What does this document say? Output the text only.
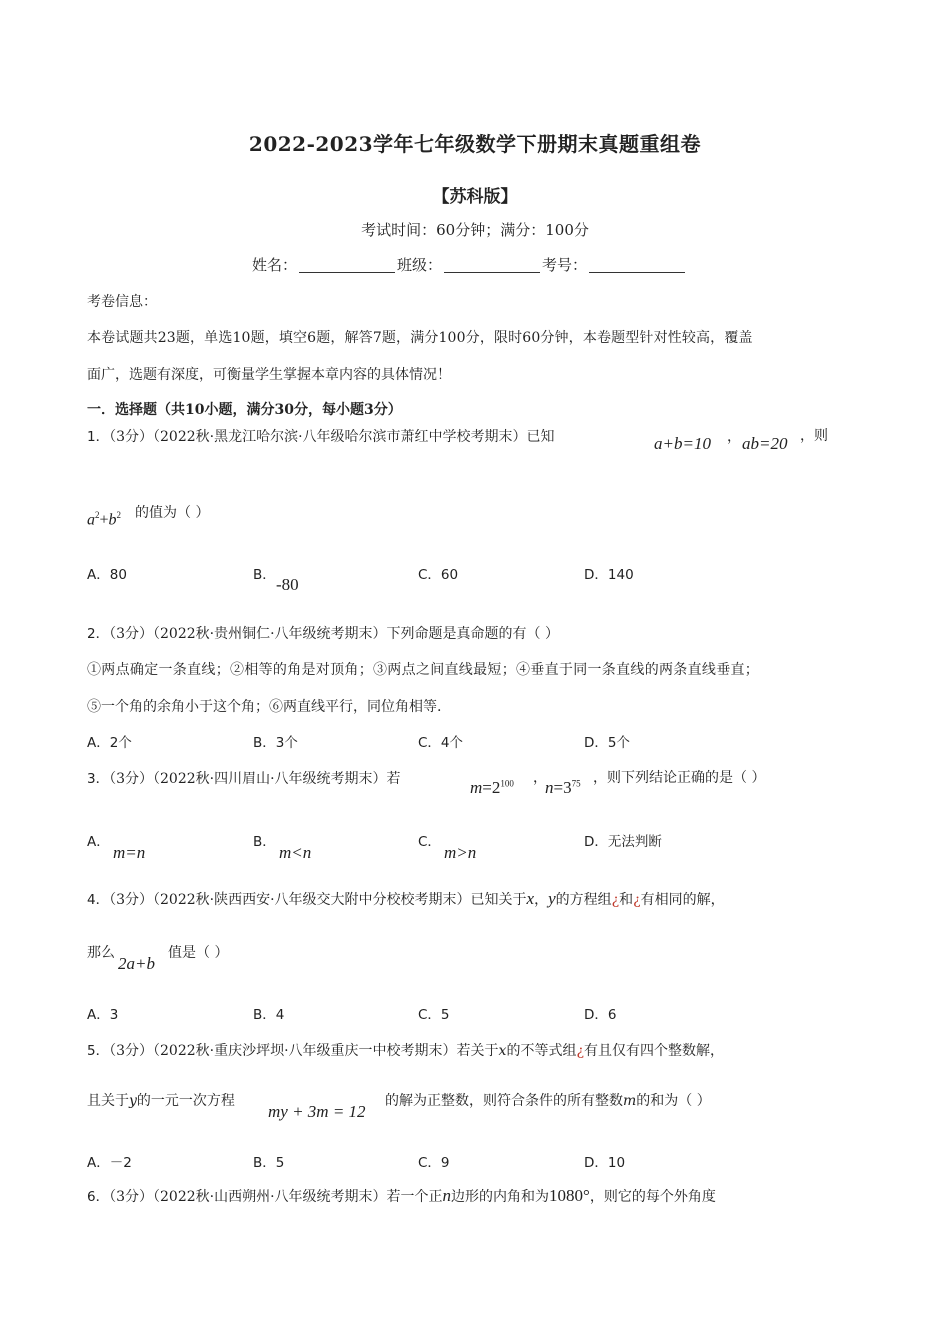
2022-2023学年七年级数学下册期末真题重组卷
【苏科版】
考试时间：60分钟；满分：100分
姓名：	班级：	考号：
考卷信息：
本卷试题共23题，单选10题，填空6题，解答7题，满分100分，限时60分钟，本卷题型针对性较高，覆盖
面广，选题有深度，可衡量学生掌握本章内容的具体情况！
一．选择题（共10小题，满分30分，每小题3分）
1．（3分）（2022秋·黑龙江哈尔滨·八年级哈尔滨市萧红中学校考期末）已知	a+b=10 ， ab=20 ，则
$a^2+b^2$ 的值为（ ）
A．80	B． -80	C．60	D．140
2．（3分）（2022秋·贵州铜仁·八年级统考期末）下列命题是真命题的有（ ）
①两点确定一条直线；②相等的角是对顶角；③两点之间直线最短；④垂直于同一条直线的两条直线垂直；
⑤一个角的余角小于这个角；⑥两直线平行，同位角相等.
A．2个	B．3个	C．4个	D．5个
3．（3分）（2022秋·四川眉山·八年级统考期末）若	$m=2^{100}$ ，
$n=3^{75}$ ，则下列结论正确的是（ ）
A．
m=n
B．
m<n
C．
m>n
D．无法判断
4．（3分）（2022秋·陕西西安·八年级交大附中分校校考期末）已知关于x，y的方程组¿和¿有相同的解，
那么
2a+b
值是（ ）
A．3	B．4	C．5	D．6
5．（3分）（2022秋·重庆沙坪坝·八年级重庆一中校考期末）若关于x的不等式组¿有且仅有四个整数解，
且关于y的一元一次方程
my + 3m = 12
的解为正整数，则符合条件的所有整数m的和为（ ）
A．－2	B．5	C．9	D．10
6．（3分）（2022秋·山西朔州·八年级统考期末）若一个正n边形的内角和为1080°，则它的每个外角度
